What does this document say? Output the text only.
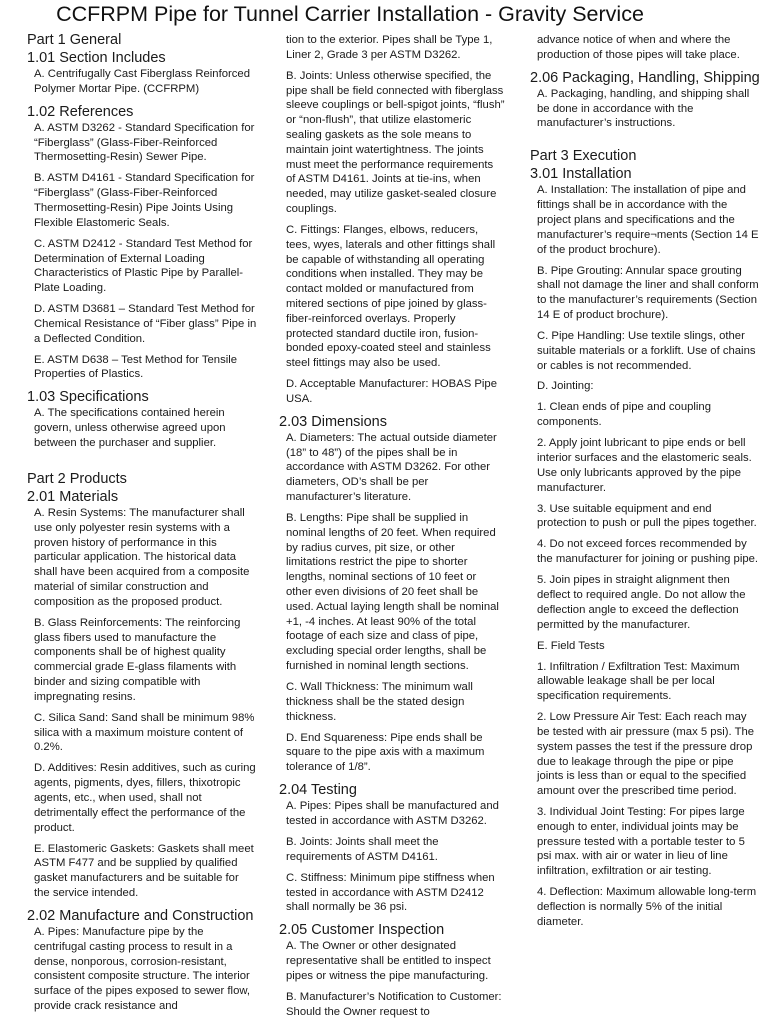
CCFRPM Pipe for Tunnel Carrier Installation - Gravity Service
Part 1 General
1.01 Section Includes

A. Centrifugally Cast Fiberglass Reinforced Polymer Mortar Pipe. (CCFRPM)

1.02 References

A. ASTM D3262 - Standard Specification for “Fiberglass” (Glass-Fiber-Reinforced Thermosetting-Resin) Sewer Pipe.

B. ASTM D4161 - Standard Specification for “Fiberglass” (Glass-Fiber-Reinforced Thermosetting-Resin) Pipe Joints Using Flexible Elastomeric Seals.

C. ASTM D2412 - Standard Test Method for Determination of External Loading Characteristics of Plastic Pipe by Parallel-Plate Loading.

D. ASTM D3681 – Standard Test Method for Chemical Resistance of “Fiber glass” Pipe in a Deflected Condition.

E. ASTM D638 – Test Method for Tensile Properties of Plastics.

1.03 Specifications

A. The specifications contained herein govern, unless otherwise agreed upon between the purchaser and supplier.

Part 2 Products
2.01 Materials

A. Resin Systems: The manufacturer shall use only polyester resin systems with a proven history of performance in this particular application. The historical data shall have been acquired from a composite material of similar construction and composition as the proposed product.

B. Glass Reinforcements: The reinforcing glass fibers used to manufacture the components shall be of highest quality commercial grade E-glass filaments with binder and sizing compatible with impregnating resins.

C. Silica Sand: Sand shall be minimum 98% silica with a maximum moisture content of 0.2%.

D. Additives: Resin additives, such as curing agents, pigments, dyes, fillers, thixotropic agents, etc., when used, shall not detrimentally effect the performance of the product.

E. Elastomeric Gaskets: Gaskets shall meet ASTM F477 and be supplied by qualified gasket manufacturers and be suitable for the service intended.

2.02 Manufacture and Construction

A. Pipes: Manufacture pipe by the centrifugal casting process to result in a dense, nonporous, corrosion-resistant, consistent composite structure. The interior surface of the pipes exposed to sewer flow, provide crack resistance and

tion to the exterior. Pipes shall be Type 1, Liner 2, Grade 3 per ASTM D3262.

B. Joints: Unless otherwise specified, the pipe shall be field connected with fiberglass sleeve couplings or bell-spigot joints, “flush” or “non-flush”, that utilize elastomeric sealing gaskets as the sole means to maintain joint watertightness. The joints must meet the performance requirements of ASTM D4161. Joints at tie-ins, when needed, may utilize gasket-sealed closure couplings.

C. Fittings: Flanges, elbows, reducers, tees, wyes, laterals and other fittings shall be capable of withstanding all operating conditions when installed. They may be contact molded or manufactured from mitered sections of pipe joined by glass-fiber-reinforced overlays. Properly protected standard ductile iron, fusion-bonded epoxy-coated steel and stainless steel fittings may also be used.

D. Acceptable Manufacturer: HOBAS Pipe USA.

2.03 Dimensions

A. Diameters: The actual outside diameter (18” to 48”) of the pipes shall be in accordance with ASTM D3262. For other diameters, OD’s shall be per manufacturer’s literature.

B. Lengths: Pipe shall be supplied in nominal lengths of 20 feet. When required by radius curves, pit size, or other limitations restrict the pipe to shorter lengths, nominal sections of 10 feet or other even divisions of 20 feet shall be used. Actual laying length shall be nominal +1, -4 inches. At least 90% of the total footage of each size and class of pipe, excluding special order lengths, shall be furnished in nominal length sections.

C. Wall Thickness: The minimum wall thickness shall be the stated design thickness.

D. End Squareness: Pipe ends shall be square to the pipe axis with a maximum tolerance of 1/8”.

2.04 Testing

A. Pipes: Pipes shall be manufactured and tested in accordance with ASTM D3262.

B. Joints: Joints shall meet the requirements of ASTM D4161.

C. Stiffness: Minimum pipe stiffness when tested in accordance with ASTM D2412 shall normally be 36 psi.

2.05 Customer Inspection

A. The Owner or other designated representative shall be entitled to inspect pipes or witness the pipe manufacturing.

B. Manufacturer’s Notification to Customer: Should the Owner request to

advance notice of when and where the production of those pipes will take place.

2.06 Packaging, Handling, Shipping

A. Packaging, handling, and shipping shall be done in accordance with the manufacturer’s instructions.

Part 3 Execution
3.01 Installation

A. Installation: The installation of pipe and fittings shall be in accordance with the project plans and specifications and the manufacturer’s require¬ments (Section 14 E of the product brochure).

B. Pipe Grouting: Annular space grouting shall not damage the liner and shall conform to the manufacturer’s requirements (Section 14 E of product brochure).

C. Pipe Handling: Use textile slings, other suitable materials or a forklift. Use of chains or cables is not recommended.

D. Jointing:

1. Clean ends of pipe and coupling components.

2. Apply joint lubricant to pipe ends or bell interior surfaces and the elastomeric seals. Use only lubricants approved by the pipe manufacturer.

3. Use suitable equipment and end protection to push or pull the pipes together.

4. Do not exceed forces recommended by the manufacturer for joining or pushing pipe.

5. Join pipes in straight alignment then deflect to required angle. Do not allow the deflection angle to exceed the deflection permitted by the manufacturer.

E. Field Tests

1. Infiltration / Exfiltration Test: Maximum allowable leakage shall be per local specification requirements.

2. Low Pressure Air Test: Each reach may be tested with air pressure (max 5 psi). The system passes the test if the pressure drop due to leakage through the pipe or pipe joints is less than or equal to the specified amount over the prescribed time period.

3. Individual Joint Testing: For pipes large enough to enter, individual joints may be pressure tested with a portable tester to 5 psi max. with air or water in lieu of line infiltration, exfiltration or air testing.

4. Deflection: Maximum allowable long-term deflection is normally 5% of the initial diameter.
